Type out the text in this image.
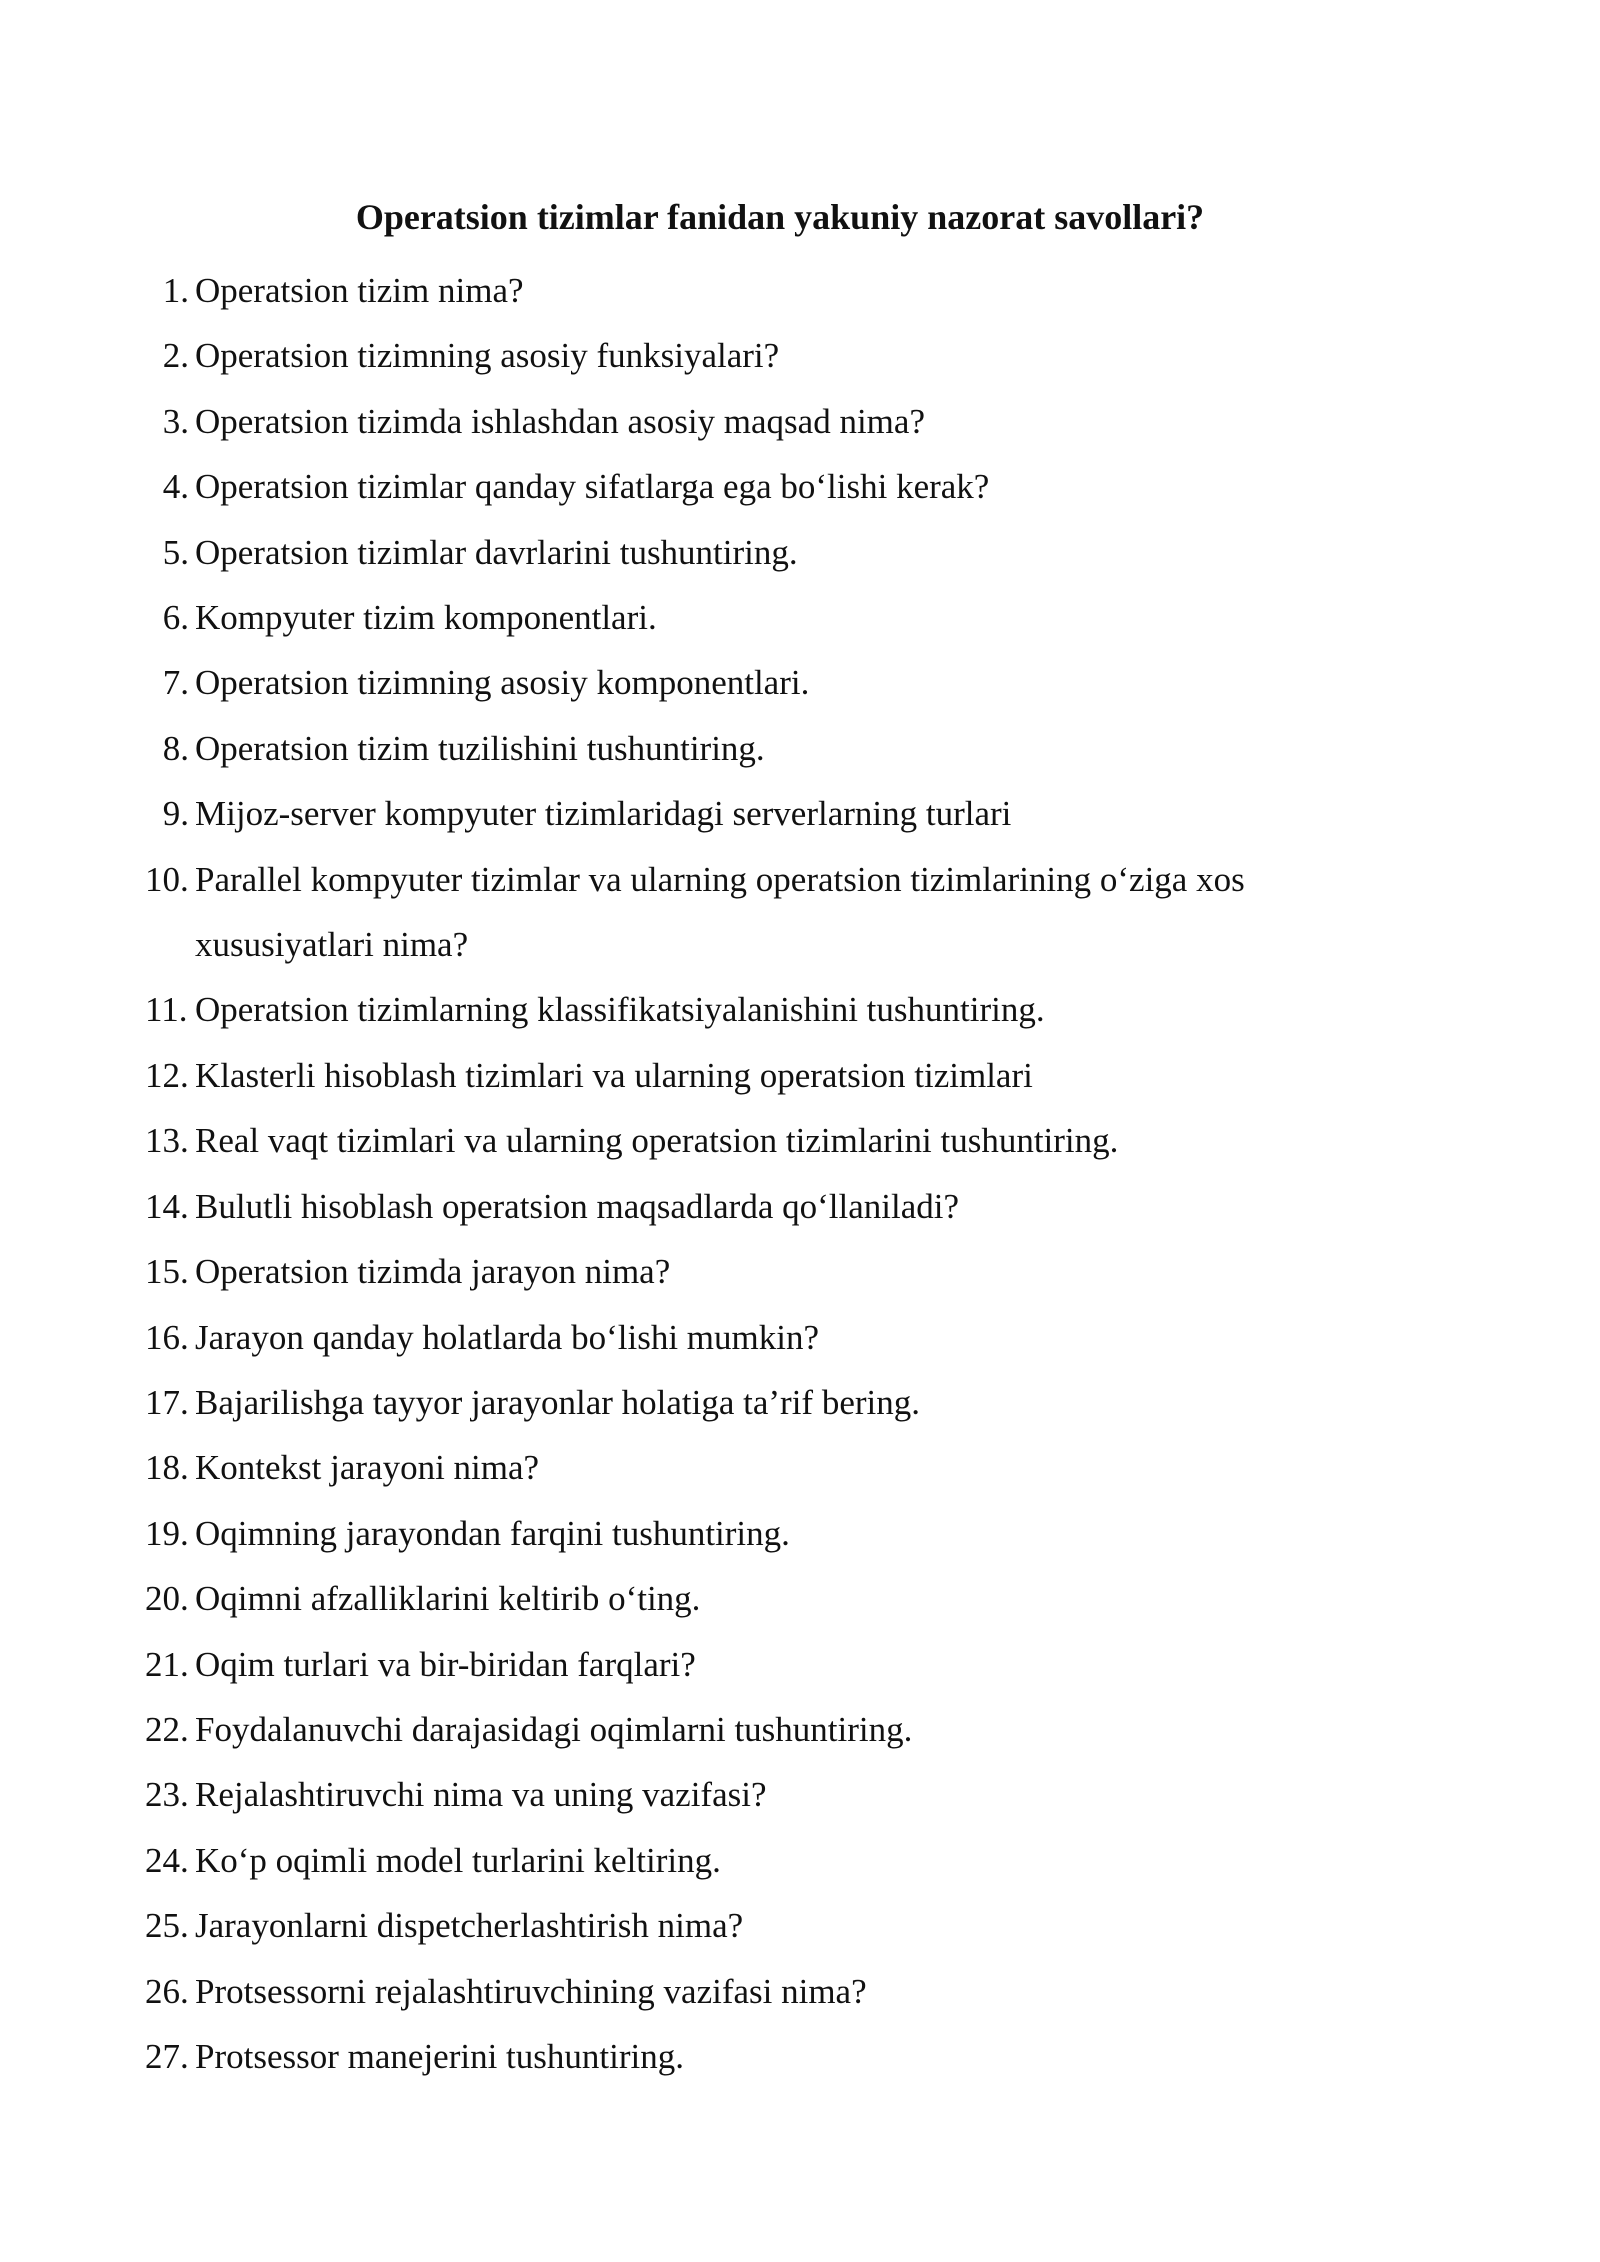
Operatsion tizimlar fanidan yakuniy nazorat savollari?
1. Operatsion tizim nima?
2. Operatsion tizimning asosiy funksiyalari?
3. Operatsion tizimda ishlashdan asosiy maqsad nima?
4. Operatsion tizimlar qanday sifatlarga ega bo‘lishi kerak?
5. Operatsion tizimlar davrlarini tushuntiring.
6. Kompyuter tizim komponentlari.
7. Operatsion tizimning asosiy komponentlari.
8. Operatsion tizim tuzilishini tushuntiring.
9. Mijoz-server kompyuter tizimlaridagi serverlarning turlari
10. Parallel kompyuter tizimlar va ularning operatsion tizimlarining o‘ziga xos xususiyatlari nima?
11. Operatsion tizimlarning klassifikatsiyalanishini tushuntiring.
12. Klasterli hisoblash tizimlari va ularning operatsion tizimlari
13. Real vaqt tizimlari va ularning operatsion tizimlarini tushuntiring.
14. Bulutli hisoblash operatsion maqsadlarda qo‘llaniladi?
15. Operatsion tizimda jarayon nima?
16. Jarayon qanday holatlarda bo‘lishi mumkin?
17. Bajarilishga tayyor jarayonlar holatiga ta’rif bering.
18. Kontekst jarayoni nima?
19. Oqimning jarayondan farqini tushuntiring.
20. Oqimni afzalliklarini keltirib o‘ting.
21. Oqim turlari va bir-biridan farqlari?
22. Foydalanuvchi darajasidagi oqimlarni tushuntiring.
23. Rejalashtiruvchi nima va uning vazifasi?
24. Ko‘p oqimli model turlarini keltiring.
25. Jarayonlarni dispetcherlashtirish nima?
26. Protsessorni rejalashtiruvchining vazifasi nima?
27. Protsessor manejerini tushuntiring.
